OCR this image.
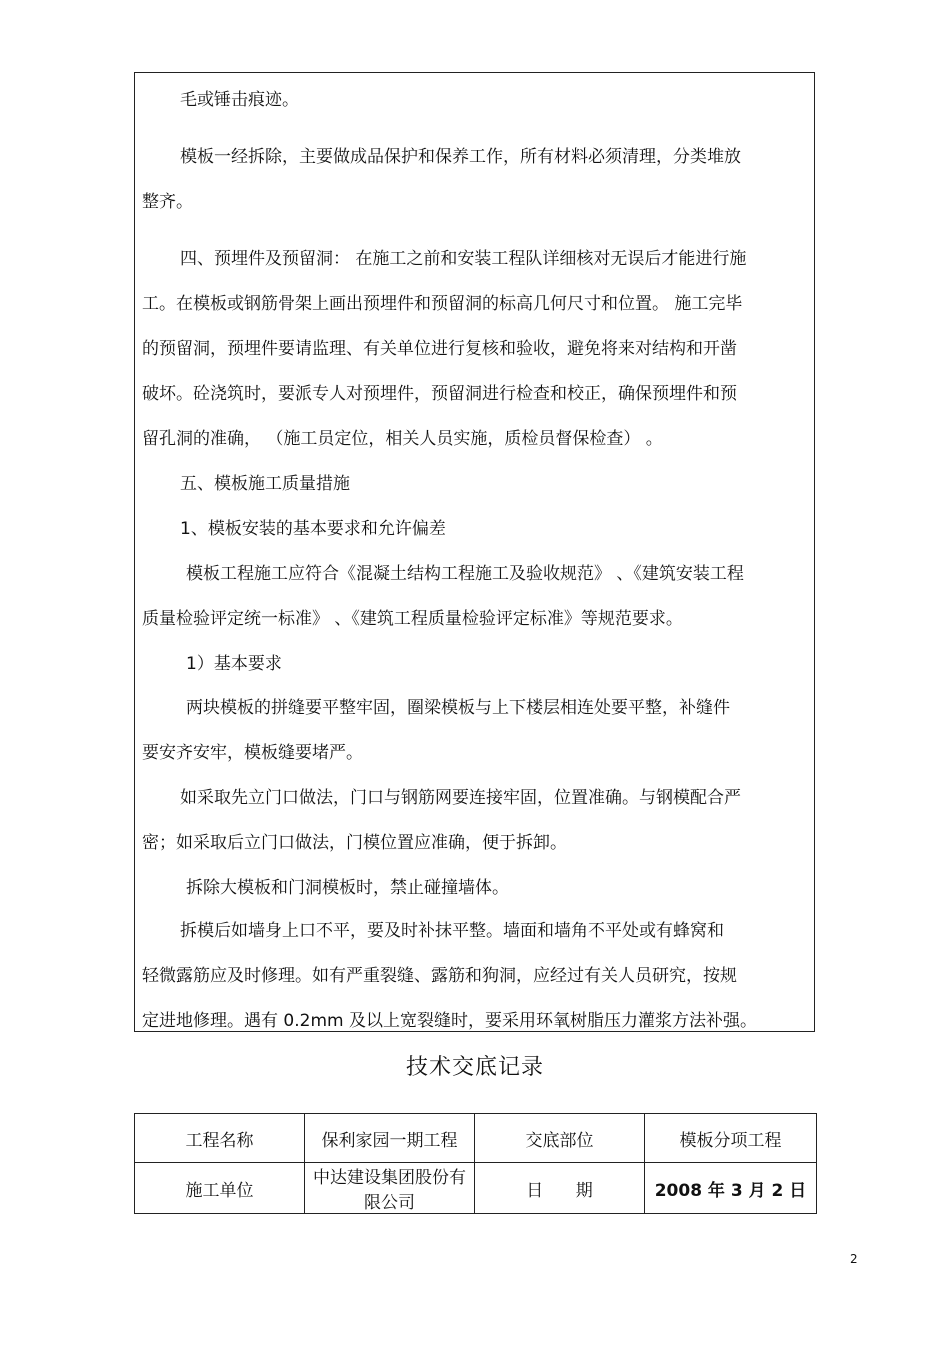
毛或锤击痕迹。
模板一经拆除，主要做成品保护和保养工作，所有材料必须清理，分类堆放
整齐。
四、预埋件及预留洞： 在施工之前和安装工程队详细核对无误后才能进行施
工。在模板或钢筋骨架上画出预埋件和预留洞的标高几何尺寸和位置。 施工完毕
的预留洞，预埋件要请监理、有关单位进行复核和验收，避免将来对结构和开凿
破坏。砼浇筑时，要派专人对预埋件，预留洞进行检查和校正，确保预埋件和预
留孔洞的准确， （施工员定位，相关人员实施，质检员督保检查） 。
五、模板施工质量措施
1、模板安装的基本要求和允许偏差
模板工程施工应符合《混凝土结构工程施工及验收规范》 、《建筑安装工程
质量检验评定统一标准》 、《建筑工程质量检验评定标准》等规范要求。
1）基本要求
两块模板的拼缝要平整牢固，圈梁模板与上下楼层相连处要平整，补缝件
要安齐安牢，模板缝要堵严。
如采取先立门口做法，门口与钢筋网要连接牢固，位置准确。与钢模配合严
密；如采取后立门口做法，门模位置应准确，便于拆卸。
拆除大模板和门洞模板时，禁止碰撞墙体。
拆模后如墙身上口不平，要及时补抹平整。墙面和墙角不平处或有蜂窝和
轻微露筋应及时修理。如有严重裂缝、露筋和狗洞，应经过有关人员研究，按规
定进地修理。遇有 0.2mm 及以上宽裂缝时，要采用环氧树脂压力灌浆方法补强。
技术交底记录
工程名称	保利家园一期工程	交底部位	模板分项工程
施工单位	中达建设集团股份有限公司	日      期	2008 年 3 月 2 日
2
